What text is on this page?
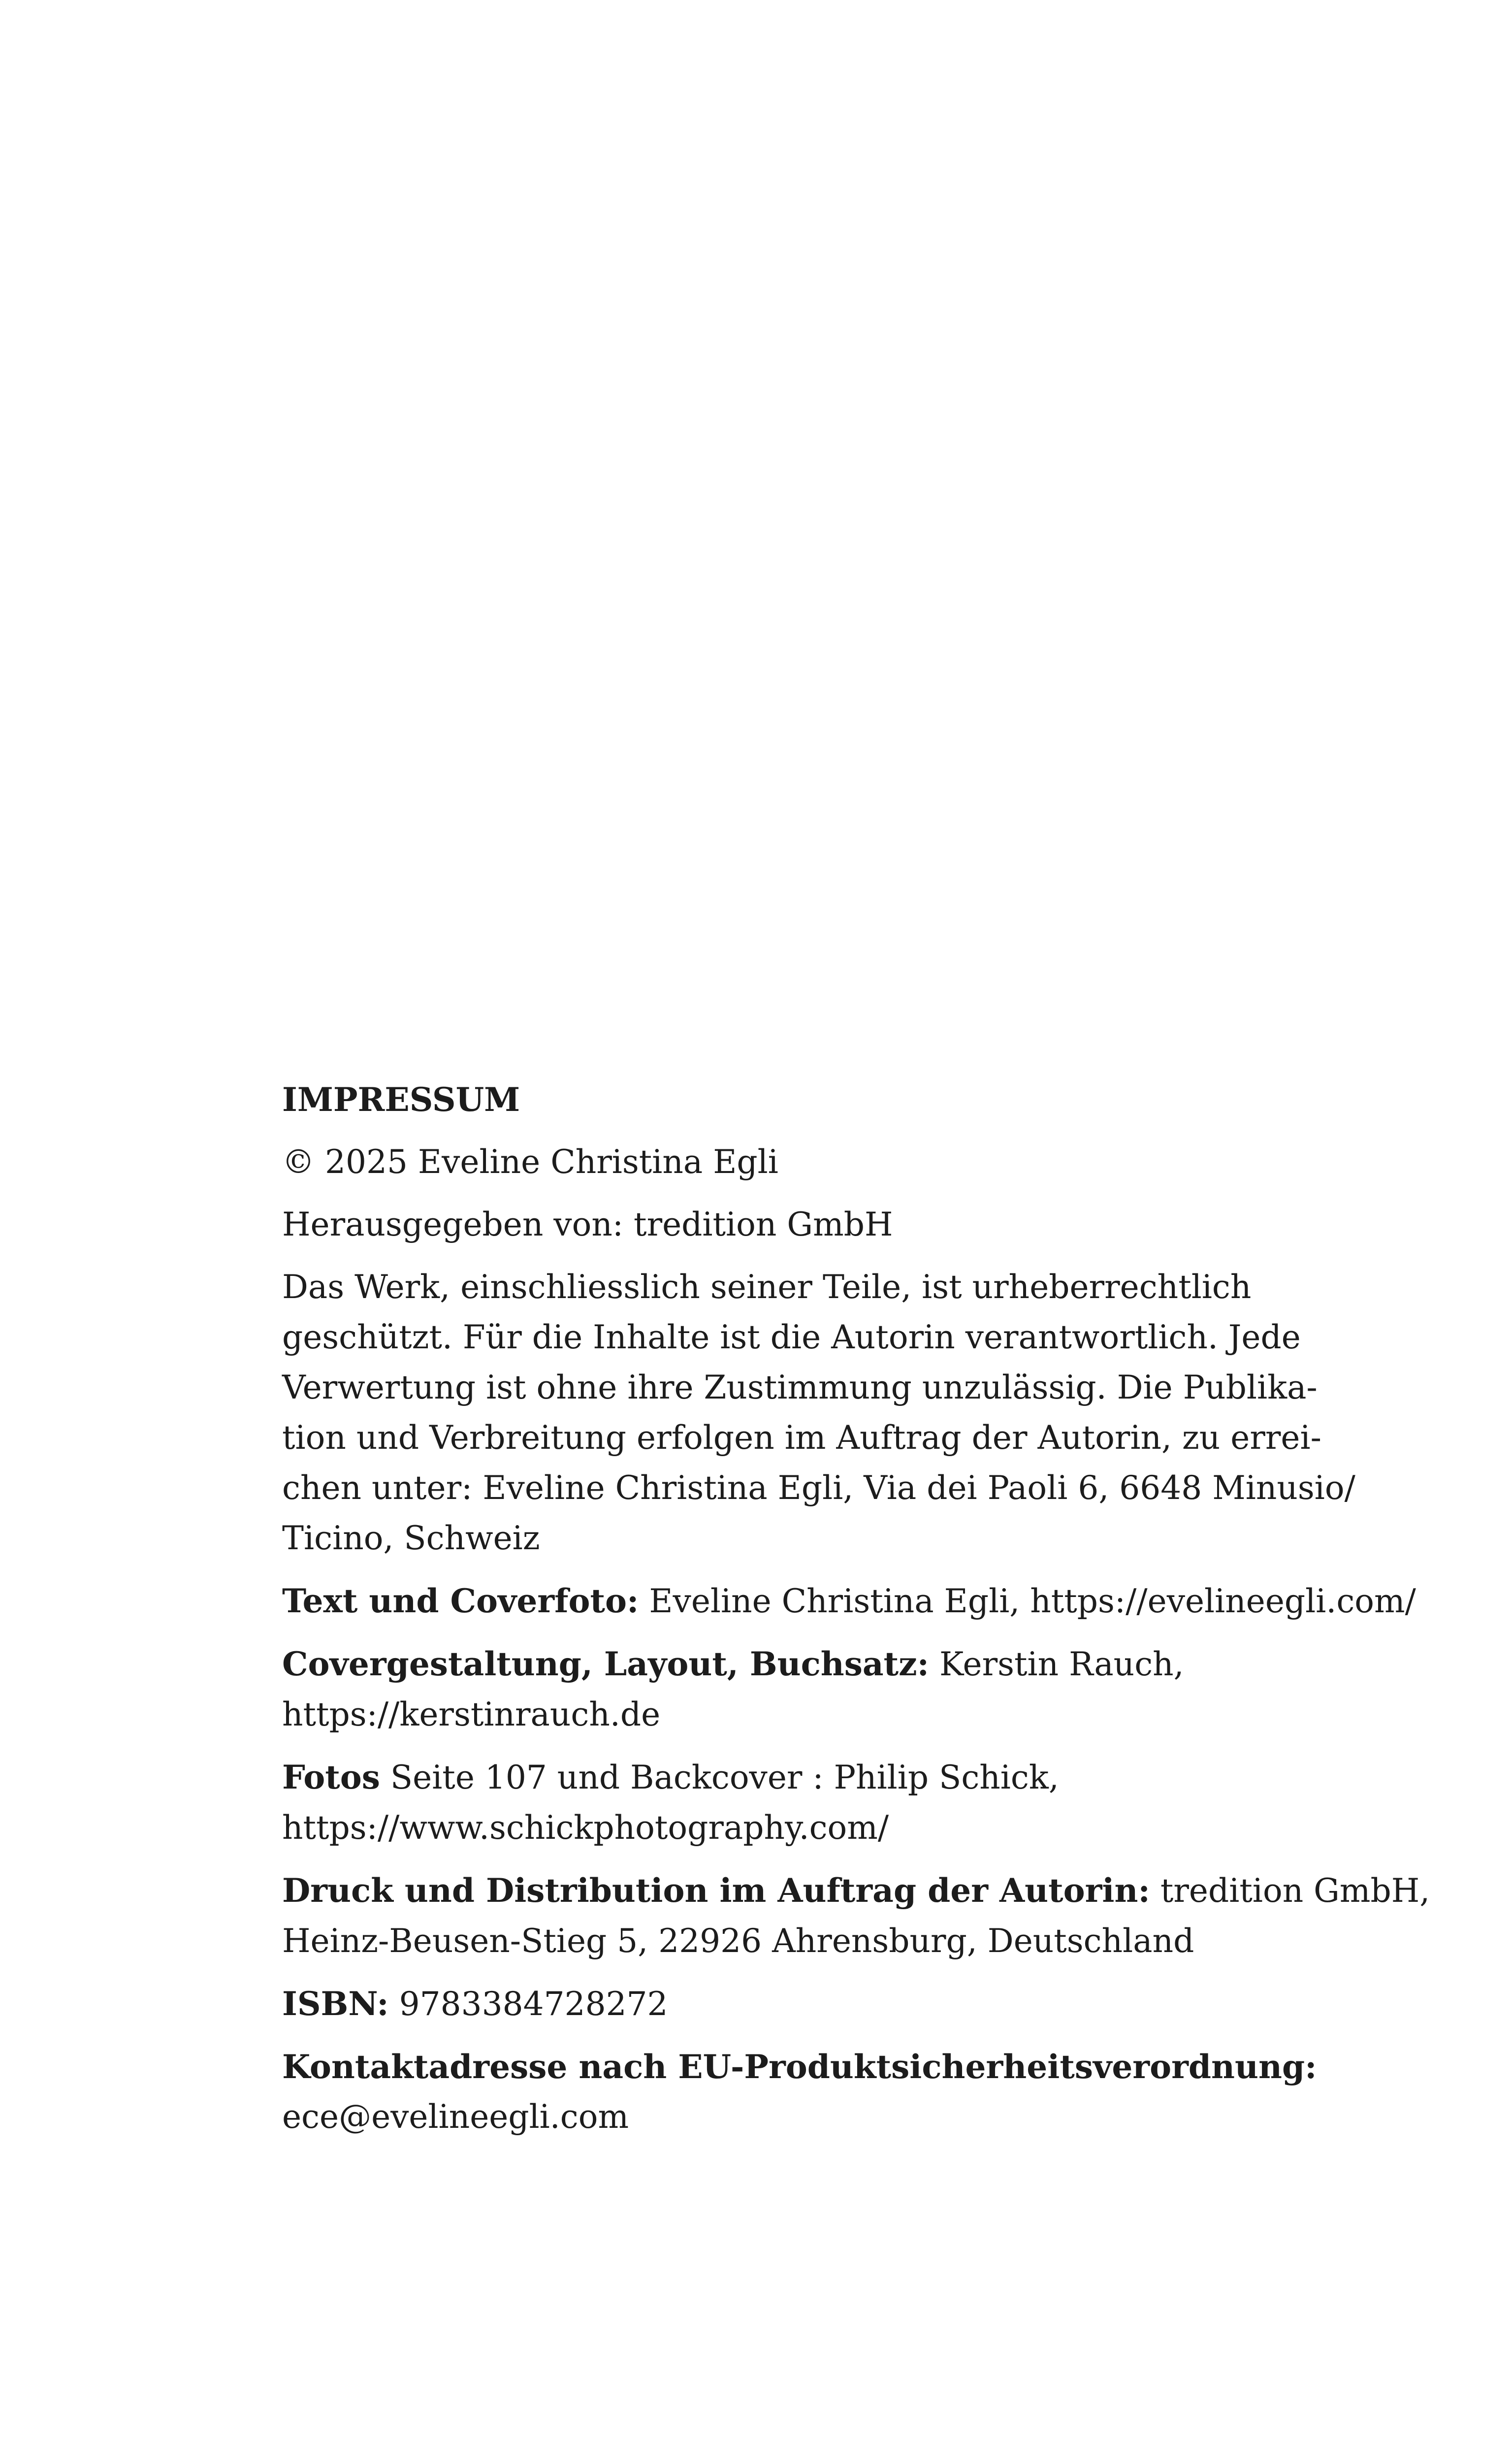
IMPRESSUM
© 2025 Eveline Christina Egli
Herausgegeben von: tredition GmbH
Das Werk, einschliesslich seiner Teile, ist urheberrechtlich
geschützt. Für die Inhalte ist die Autorin verantwortlich. Jede
Verwertung ist ohne ihre Zustimmung unzulässig. Die Publika-
tion und Verbreitung erfolgen im Auftrag der Autorin, zu errei-
chen unter: Eveline Christina Egli, Via dei Paoli 6, 6648 Minusio/
Ticino, Schweiz
Text und Coverfoto: Eveline Christina Egli, https://evelineegli.com/
Covergestaltung, Layout, Buchsatz: Kerstin Rauch,
https://kerstinrauch.de
Fotos Seite 107 und Backcover : Philip Schick,
https://www.schickphotography.com/
Druck und Distribution im Auftrag der Autorin: tredition GmbH,
Heinz-Beusen-Stieg 5, 22926 Ahrensburg, Deutschland
ISBN: 9783384728272
Kontaktadresse nach EU-Produktsicherheitsverordnung:
ece@evelineegli.com
